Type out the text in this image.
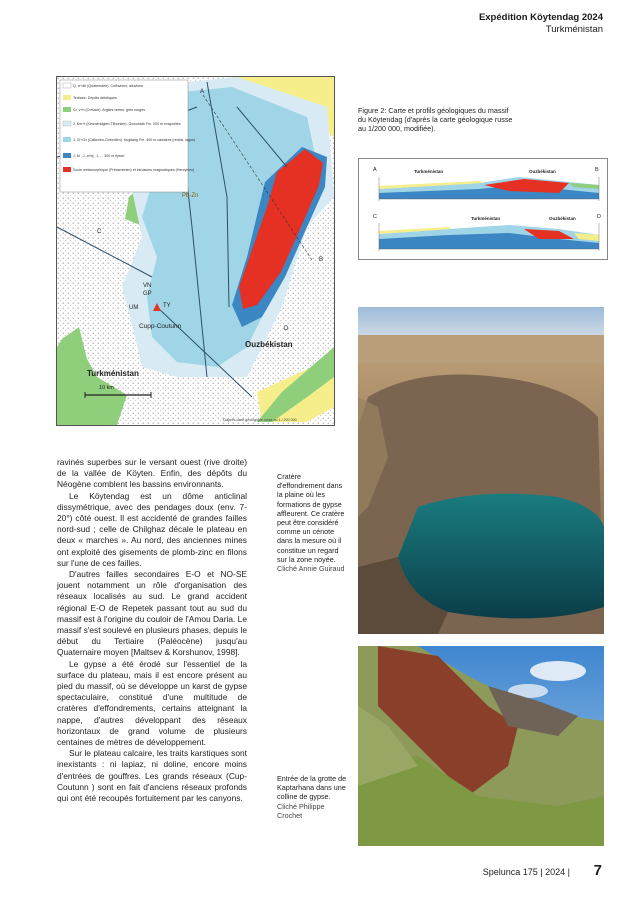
Expédition Köytendag 2024
Turkménistan
Q, tr+db (Quaternaire). Colluvions, alluvions
Tertiaire. Dépôts détritiques
Cr, v+h (Crétacé). Argiles vertes, grès rouges
J, Km+t (Kimméridgien-Tithonien). Gowurdak Fm. 200 m évaporites
J, Cl+Ox (Callovien-Oxfordien). Kugitang Fm. 400 m calcaires (récifal, lagon)
J, bt ; J, a+bj ; J, ... 300 m flysch
Socle métamorphique (Précambrien) et intrusions magmatiques (Hercynien)
A
B
C
D
Pb-Zn
VN
GP
UM	TY
Cupp-Coutunn
Ouzbékistan
Turkménistan
10 km
D'après carte géologique russe au 1 / 200 000
Figure 2: Carte et profils géologiques du massif du Köytendag (d'après la carte géologique russe au 1/200 000, modifiée).
A	B
Turkménistan	Ouzbékistan
C	D
Turkménistan	Ouzbékistan
Cratère d'effondrement dans la plaine où les formations de gypse affleurent. Ce cratère peut être considéré comme un cénote dans la mesure où il constitue un regard sur la zone noyée. Cliché Annie Guiraud
Entrée de la grotte de Kaptarhana dans une colline de gypse. Cliché Philippe Crochet

ravinés superbes sur le versant ouest (rive droite) de la vallée de Köyten. Enfin, des dépôts du Néogène comblent les bassins environnants.

Le Köytendag est un dôme anticlinal dissymétrique, avec des pendages doux (env. 7-20°) côté ouest. Il est accidenté de grandes failles nord-sud ; celle de Chilghaz décale le plateau en deux « marches ». Au nord, des anciennes mines ont exploité des gisements de plomb-zinc en filons sur l'une de ces failles.

D'autres failles secondaires E-O et NO-SE jouent notamment un rôle d'organisation des réseaux localisés au sud. Le grand accident régional E-O de Repetek passant tout au sud du massif est à l'origine du couloir de l'Amou Daria. Le massif s'est soulevé en plusieurs phases, depuis le début du Tertiaire (Paléocène) jusqu'au Quaternaire moyen [Maltsev & Korshunov, 1998].

Le gypse a été érodé sur l'essentiel de la surface du plateau, mais il est encore présent au pied du massif, où se développe un karst de gypse spectaculaire, constitué d'une multitude de cratères d'effondrements, certains atteignant la nappe, d'autres développant des réseaux horizontaux de grand volume de plusieurs centaines de mètres de développement.

Sur le plateau calcaire, les traits karstiques sont inexistants : ni lapiaz, ni doline, encore moins d'entrées de gouffres. Les grands réseaux (Cup-Coutunn ) sont en fait d'anciens réseaux profonds qui ont été recoupés fortuitement par les canyons.

Spelunca 175 | 2024 | 7
